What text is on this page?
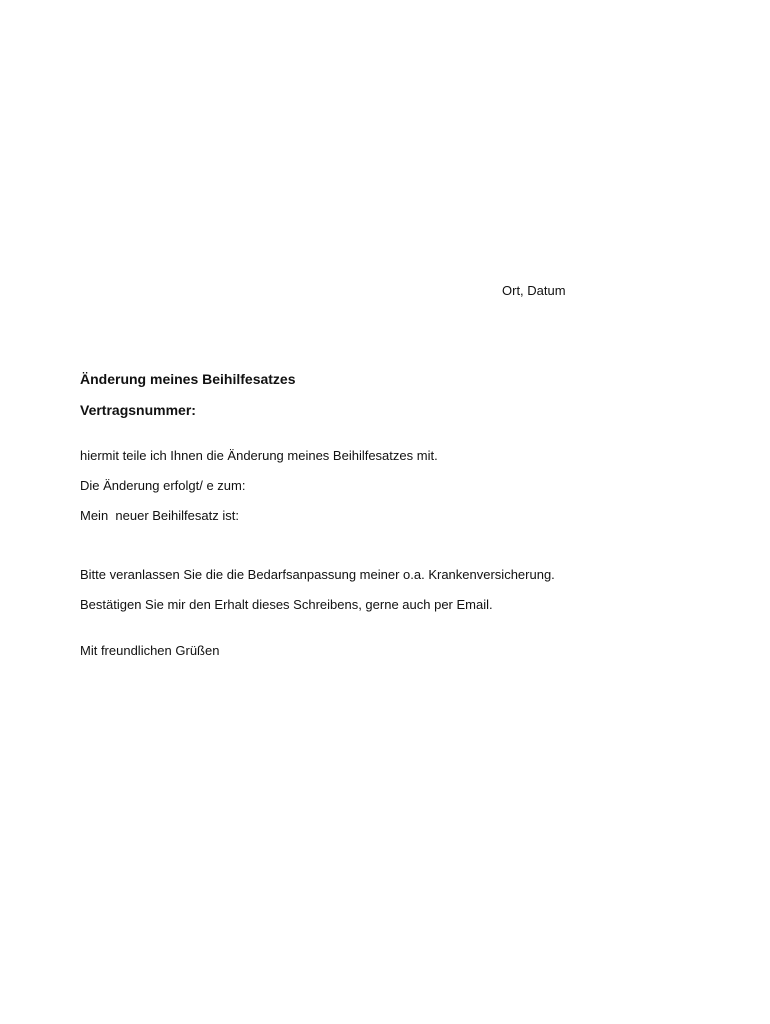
Ort, Datum
Änderung meines Beihilfesatzes
Vertragsnummer:
hiermit teile ich Ihnen die Änderung meines Beihilfesatzes mit.
Die Änderung erfolgt/ e zum:
Mein  neuer Beihilfesatz ist:
Bitte veranlassen Sie die die Bedarfsanpassung meiner o.a. Krankenversicherung.
Bestätigen Sie mir den Erhalt dieses Schreibens, gerne auch per Email.
Mit freundlichen Grüßen
